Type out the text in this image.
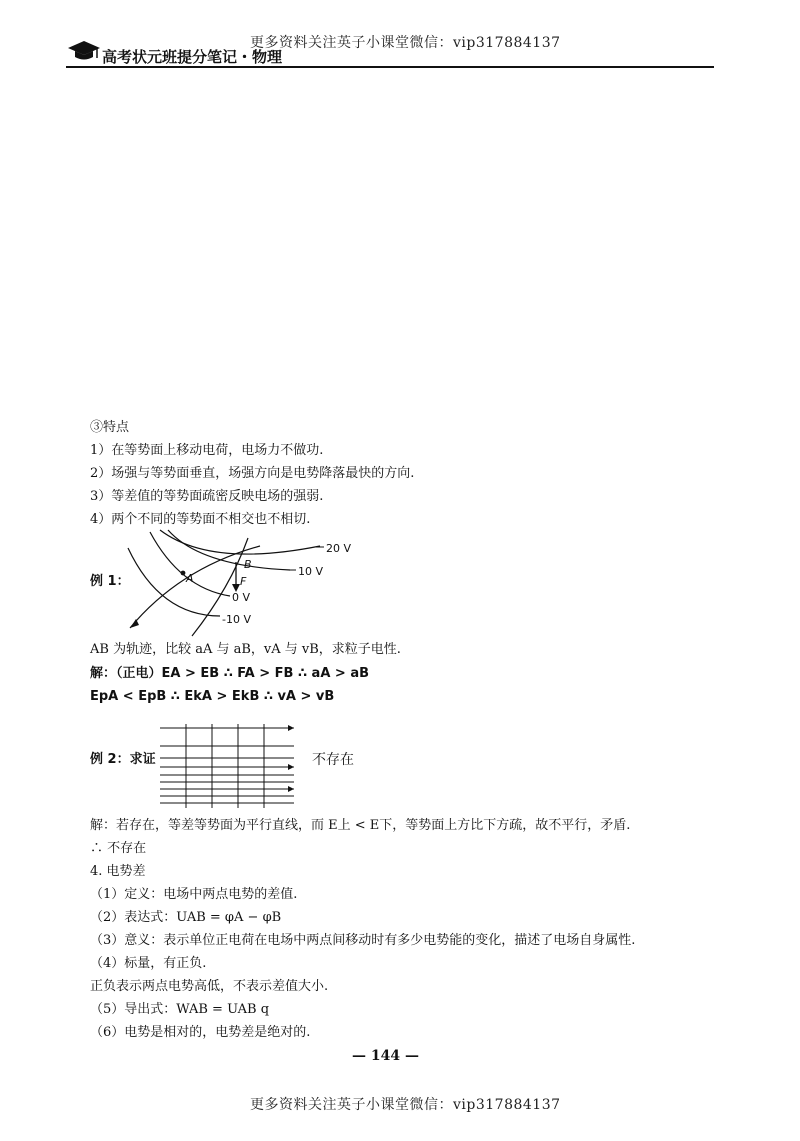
更多资料关注英子小课堂微信：vip317884137
高考状元班提分笔记・物理
③特点
1）在等势面上移动电荷，电场力不做功.
2）场强与等势面垂直，场强方向是电势降落最快的方向.
3）等差值的等势面疏密反映电场的强弱.
4）两个不同的等势面不相交也不相切.
例 1：
20 V
10 V
0 V
-10 V
A
B
F
AB 为轨迹，比较 aA 与 aB，vA 与 vB，求粒子电性.
解：（正电）EA > EB ∴ FA > FB ∴ aA > aB
EpA < EpB ∴ EkA > EkB ∴ vA > vB
例 2：求证	不存在
解：若存在，等差等势面为平行直线，而 E上 < E下，等势面上方比下方疏，故不平行，矛盾.
∴ 不存在
4. 电势差
（1）定义：电场中两点电势的差值.
（2）表达式：UAB = φA − φB
（3）意义：表示单位正电荷在电场中两点间移动时有多少电势能的变化，描述了电场自身属性.
（4）标量，有正负.
正负表示两点电势高低，不表示差值大小.
（5）导出式：WAB = UAB q
（6）电势是相对的，电势差是绝对的.
— 144 —
更多资料关注英子小课堂微信：vip317884137
